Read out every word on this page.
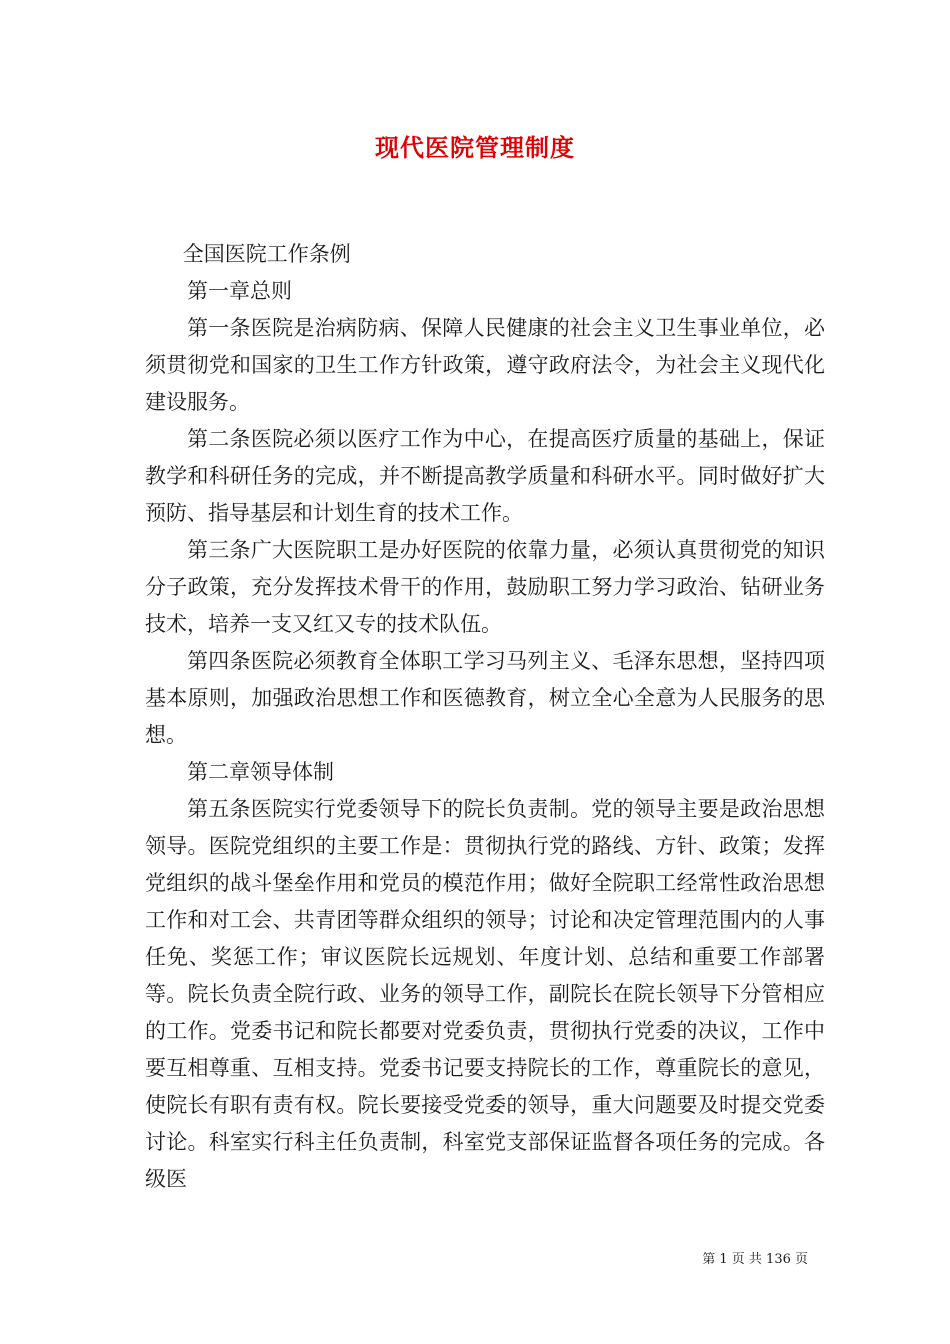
现代医院管理制度

全国医院工作条例

第一章总则

第一条医院是治病防病、保障人民健康的社会主义卫生事业单位，必须贯彻党和国家的卫生工作方针政策，遵守政府法令，为社会主义现代化建设服务。

第二条医院必须以医疗工作为中心，在提高医疗质量的基础上，保证教学和科研任务的完成，并不断提高教学质量和科研水平。同时做好扩大预防、指导基层和计划生育的技术工作。

第三条广大医院职工是办好医院的依靠力量，必须认真贯彻党的知识分子政策，充分发挥技术骨干的作用，鼓励职工努力学习政治、钻研业务技术，培养一支又红又专的技术队伍。

第四条医院必须教育全体职工学习马列主义、毛泽东思想，坚持四项基本原则，加强政治思想工作和医德教育，树立全心全意为人民服务的思想。

第二章领导体制

第五条医院实行党委领导下的院长负责制。党的领导主要是政治思想领导。医院党组织的主要工作是：贯彻执行党的路线、方针、政策；发挥党组织的战斗堡垒作用和党员的模范作用；做好全院职工经常性政治思想工作和对工会、共青团等群众组织的领导；讨论和决定管理范围内的人事任免、奖惩工作；审议医院长远规划、年度计划、总结和重要工作部署等。院长负责全院行政、业务的领导工作，副院长在院长领导下分管相应的工作。党委书记和院长都要对党委负责，贯彻执行党委的决议，工作中要互相尊重、互相支持。党委书记要支持院长的工作，尊重院长的意见，使院长有职有责有权。院长要接受党委的领导，重大问题要及时提交党委讨论。科室实行科主任负责制，科室党支部保证监督各项任务的完成。各级医

第 1 页 共 136 页
